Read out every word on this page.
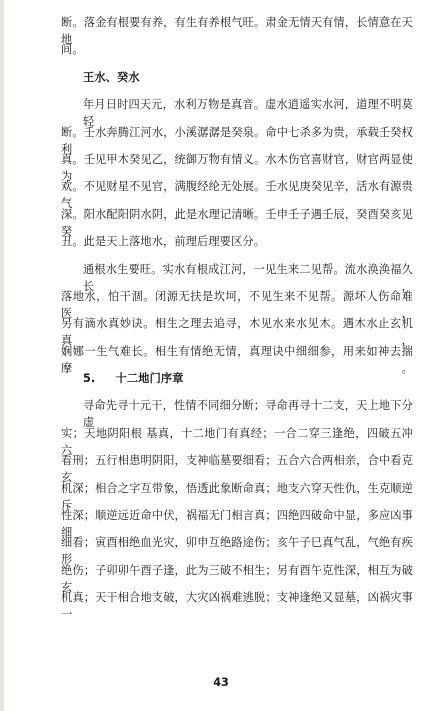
断。落金有根要有养，有生有养根气旺。肃金无情天有情，长情意在天地
间。
王水、癸水
年月日时四天元，水利万物是真音。虚水逍遥实水河，道理不明莫轻
断。壬水奔腾江河水，小溪潺潺是癸泉。命中七杀多为贵，承载壬癸权利
真。壬见甲木癸见乙，统御万物有情义。水木伤官喜财官，财官两显使为
欢。不见财星不见官，满腹经纶无处展。壬水见庚癸见辛，活水有源贵气
深。阳水配阳阴水阴，此是水理记清晰。壬申壬子遇壬辰，癸酉癸亥见癸
丑。此是天上落地水，前理后理要区分。
通根水生要旺。实水有根成江河，一见生来二见帮。流水涣涣福久长，
落地水，怕干涸。闭源无扶是坎坷，不见生来不见帮。源坏人伤命难医，
另有滴水真妙诀。相生之理去追寻，木见水来水见木。遇木水止玄机真，
娴娜一生气难长。相生有情绝无情，真理诀中细细参，用来如神去揣摩。
5.     十二地门序章
寻命先寻十元干，性情不同细分断；寻命再寻十二支，天上地下分虚
实；天地阴阳根 基真，十二地门有真经；一合二穿三逢绝，四破五冲六
看刑；五行相患明阴阳，支神临墓要细看；五合六合两相亲，合中看克玄
机深；相合之字互带象，悟透此象断命真；地支六穿天性仇，生克顺逆斥
性深；顺逆远近命中伏，祸福无门相言真；四绝四破命中显，多应凶事细
细看；寅酉相绝血光灾，卯申互绝路途伤；亥午子巳真气乱，气绝有疾形
绝伤；子卯卯午酉子逢，此为三破不相生；另有酉午克性深，相互为破玄
机真；天干相合地支破，大灾凶祸难逃脱；支神逢绝又显墓，凶祸灾事一
43
